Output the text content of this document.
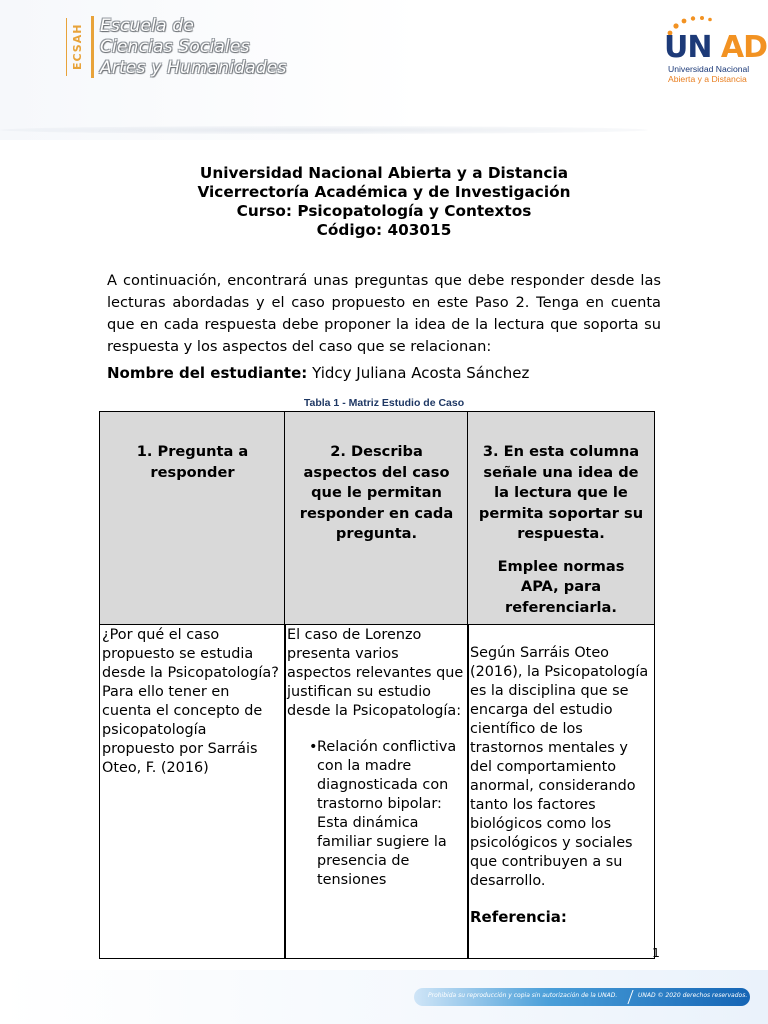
ECSAH Escuela de
Ciencias Sociales
Artes y Humanidades
UN AD
Universidad Nacional
Abierta y a Distancia
Universidad Nacional Abierta y a Distancia
Vicerrectoría Académica y de Investigación
Curso: Psicopatología y Contextos
Código: 403015
A continuación, encontrará unas preguntas que debe responder desde las lecturas abordadas y el caso propuesto en este Paso 2. Tenga en cuenta que en cada respuesta debe proponer la idea de la lectura que soporta su respuesta y los aspectos del caso que se relacionan:
Nombre del estudiante: Yidcy Juliana Acosta Sánchez
Tabla 1 - Matriz Estudio de Caso

1. Pregunta a responder

2. Describa aspectos del caso que le permitan responder en cada pregunta.

3. En esta columna señale una idea de la lectura que le permita soportar su respuesta.

Emplee normas APA, para referenciarla.

¿Por qué el caso propuesto se estudia desde la Psicopatología? Para ello tener en cuenta el concepto de psicopatología propuesto por Sarráis Oteo, F. (2016)

El caso de Lorenzo presenta varios aspectos relevantes que justifican su estudio desde la Psicopatología:

• Relación conflictiva con la madre diagnosticada con trastorno bipolar: Esta dinámica familiar sugiere la presencia de tensiones

Según Sarráis Oteo (2016), la Psicopatología es la disciplina que se encarga del estudio científico de los trastornos mentales y del comportamiento anormal, considerando tanto los factores biológicos como los psicológicos y sociales que contribuyen a su desarrollo.

Referencia:
1
Prohibida su reproducción y copia sin autorización de la UNAD.	UNAD © 2020 derechos reservados.
